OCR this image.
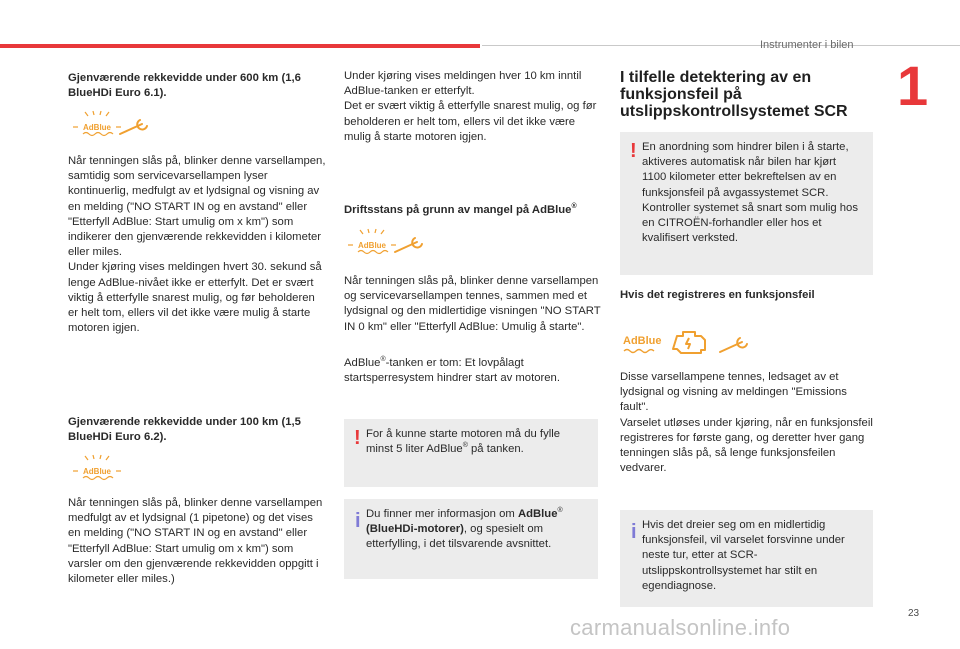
Instrumenter i bilen
1

Gjenværende rekkevidde under 600 km (1,6 BlueHDi Euro 6.1).

AdBlue

Når tenningen slås på, blinker denne varsellampen, samtidig som servicevarsellampen lyser kontinuerlig, medfulgt av et lydsignal og visning av en melding ("NO START IN og en avstand" eller "Etterfyll AdBlue: Start umulig om x km") som indikerer den gjenværende rekkevidden i kilometer eller miles.

Under kjøring vises meldingen hvert 30. sekund så lenge AdBlue-nivået ikke er etterfylt. Det er svært viktig å etterfylle snarest mulig, og før beholderen er helt tom, ellers vil det ikke være mulig å starte motoren igjen.

Gjenværende rekkevidde under 100 km (1,5 BlueHDi Euro 6.2).

AdBlue

Når tenningen slås på, blinker denne varsellampen medfulgt av et lydsignal (1 pipetone) og det vises en melding ("NO START IN og en avstand" eller "Etterfyll AdBlue: Start umulig om x km") som varsler om den gjenværende rekkevidden oppgitt i kilometer eller miles.)

Under kjøring vises meldingen hver 10 km inntil AdBlue-tanken er etterfylt.

Det er svært viktig å etterfylle snarest mulig, og før beholderen er helt tom, ellers vil det ikke være mulig å starte motoren igjen.

Driftsstans på grunn av mangel på AdBlue®

AdBlue

Når tenningen slås på, blinker denne varsellampen og servicevarsellampen tennes, sammen med et lydsignal og den midlertidige visningen "NO START IN 0 km" eller "Etterfyll AdBlue: Umulig å starte".

AdBlue®-tanken er tom: Et lovpålagt startsperresystem hindrer start av motoren.

! For å kunne starte motoren må du fylle minst 5 liter AdBlue® på tanken.
i Du finner mer informasjon om AdBlue®
(BlueHDi-motorer), og spesielt om etterfylling, i det tilsvarende avsnittet.
I tilfelle detektering av en funksjonsfeil på utslippskontrollsystemet SCR
! En anordning som hindrer bilen i å starte, aktiveres automatisk når bilen har kjørt 1100 kilometer etter bekreftelsen av en funksjonsfeil på avgassystemet SCR. Kontroller systemet så snart som mulig hos en CITROËN-forhandler eller hos et kvalifisert verksted.

Hvis det registreres en funksjonsfeil

AdBlue

Disse varsellampene tennes, ledsaget av et lydsignal og visning av meldingen "Emissions fault".

Varselet utløses under kjøring, når en funksjonsfeil registreres for første gang, og deretter hver gang tenningen slås på, så lenge funksjonsfeilen vedvarer.

i Hvis det dreier seg om en midlertidig funksjonsfeil, vil varselet forsvinne under neste tur, etter at SCR-utslippskontrollsystemet har stilt en egendiagnose.
23
carmanualsonline.info
